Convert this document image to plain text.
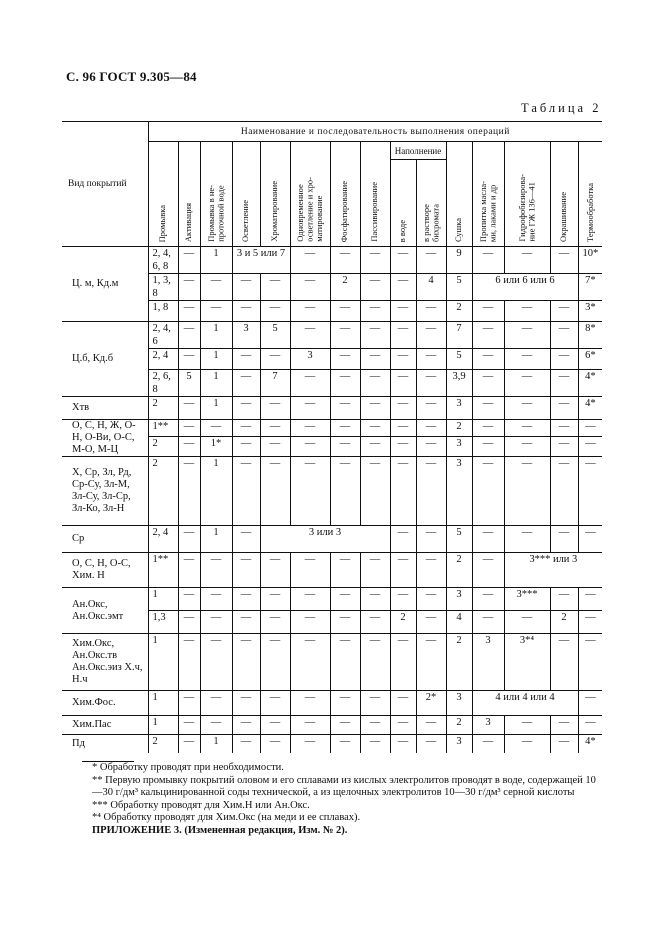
С. 96 ГОСТ 9.305—84
Таблица 2
Вид покрытий	Наименование и последовательность выполнения операций														

	Промывка	Активация	Промывка в не-
проточной воде	Осветление	Хроматирование	Одновременное
осветление и хро-
матирование	Фосфатирование	Пассивирование	Наполнение		Сушка	Пропитка масла-
ми, лаками и др	Гидрофобизирова-
ние ГЖ 136—41	Окрашивание	Термообработка

									в воде	в растворе
бихромата					

Ц. м, Кд.м	2, 4,
6, 8	—	1	3 и 5 или 7		—	—	—	—	—	9	—	—	—	10*
	1, 3,
8	—	—	—	—	—	2	—	—	4	5	6 или 6 или 6			7*
	1, 8	—	—	—	—	—	—	—	—	—	2	—	—	—	3*
Ц.б, Кд.б	2, 4,
6	—	1	3	5	—	—	—	—	—	7	—	—	—	8*
	2, 4	—	1	—	—	3	—	—	—	—	5	—	—	—	6*
	2, 6,
8	5	1	—	7	—	—	—	—	—	3,9	—	—	—	4*
Хтв	2	—	1	—	—	—	—	—	—	—	3	—	—	—	4*
О, С, Н, Ж, О-Н, О-Ви, О-С, М-О, М-Ц	1**	—	—	—	—	—	—	—	—	—	2	—	—	—	—
	2	—	1*	—	—	—	—	—	—	—	3	—	—	—	—
Х, Ср, Зл, Рд, Ср-Су, Зл-М, Зл-Су, Зл-Ср, Зл-Ко, Зл-Н	2	—	1	—	—	—	—	—	—	—	3	—	—	—	—
Ср	2, 4	—	1	—	3 или 3				—	—	5	—	—	—	—
О, С, Н, О-С, Хим. Н	1**	—	—	—	—	—	—	—	—	—	2	—	3*** или 3		
Ан.Окс, Ан.Окс.эмт	1	—	—	—	—	—	—	—	—	—	3	—	3***	—	—
	1,3	—	—	—	—	—	—	—	2	—	4	—	—	2	—
Хим.Окс, Ан.Окс.тв Ан.Окс.эиз Х.ч, Н.ч	1	—	—	—	—	—	—	—	—	—	2	3	3*⁴	—	—
Хим.Фос.	1	—	—	—	—	—	—	—	—	2*	3	4 или 4 или 4			—
Хим.Пас	1	—	—	—	—	—	—	—	—	—	2	3	—	—	—
Пд	2	—	1	—	—	—	—	—	—	—	3	—	—	—	4*
* Обработку проводят при необходимости.
** Первую промывку покрытий оловом и его сплавами из кислых электролитов проводят в воде, содержащей 10—30 г/дм³ кальцинированной соды технической, а из щелочных электролитов 10—30 г/дм³ серной кислоты
*** Обработку проводят для Хим.Н или Ан.Окс.
*⁴ Обработку проводят для Хим.Окс (на меди и ее сплавах).
ПРИЛОЖЕНИЕ 3. (Измененная редакция, Изм. № 2).
